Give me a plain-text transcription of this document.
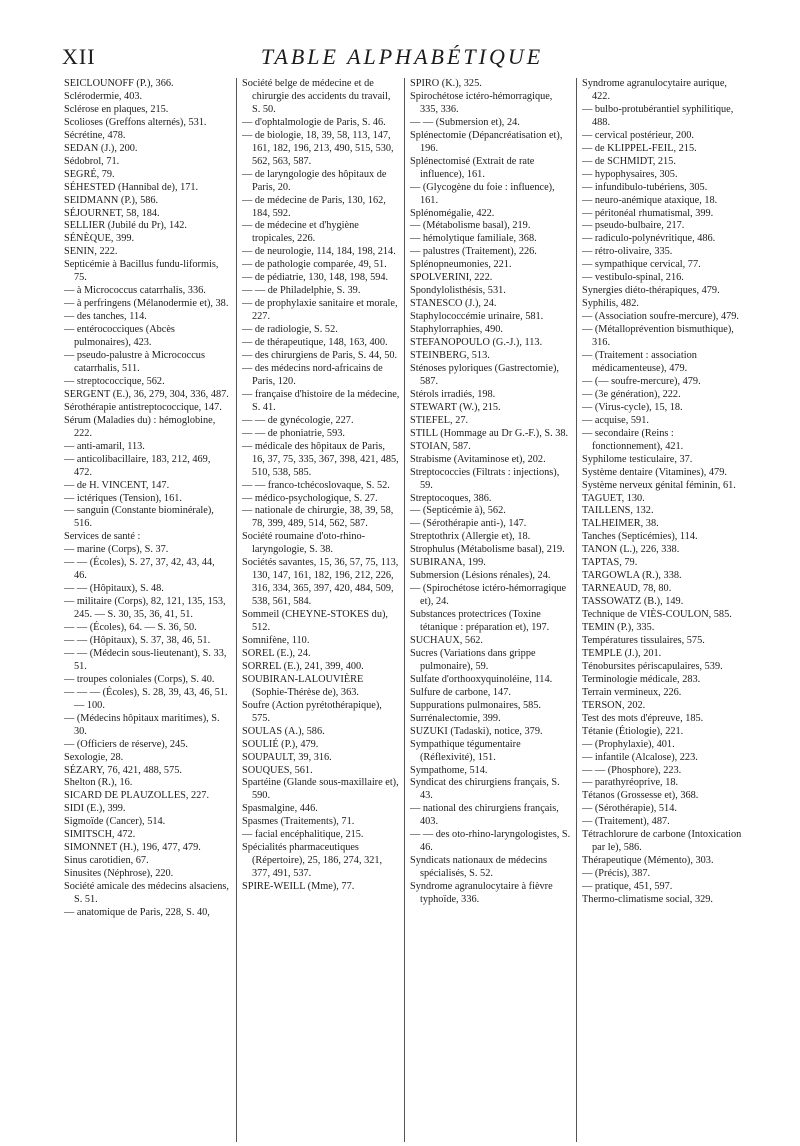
XII	TABLE ALPHABÉTIQUE
SEICLOUNOFF (P.), 366.
Sclérodermie, 403.
Sclérose en plaques, 215.
Scolioses (Greffons alternés), 531.
Sécrétine, 478.
SEDAN (J.), 200.
Sédobrol, 71.
SEGRÉ, 79.
SÉHESTED (Hannibal de), 171.
SEIDMANN (P.), 586.
SÉJOURNET, 58, 184.
SELLIER (Jubilé du Pr), 142.
SÉNÈQUE, 399.
SENIN, 222.
Septicémie à Bacillus fundu-liformis, 75.
— à Micrococcus catarrhalis, 336.
— à perfringens (Mélanodermie et), 38.
— des tanches, 114.
— entérococciques (Abcès pulmonaires), 423.
— pseudo-palustre à Micrococcus catarrhalis, 511.
— streptococcique, 562.
SERGENT (E.), 36, 279, 304, 336, 487.
Sérothérapie antistreptococcique, 147.
Sérum (Maladies du) : hémoglobine, 222.
— anti-amaril, 113.
— anticolibacillaire, 183, 212, 469, 472.
— de H. VINCENT, 147.
— ictériques (Tension), 161.
— sanguin (Constante biominérale), 516.
Services de santé :
— marine (Corps), S. 37.
— — (Écoles), S. 27, 37, 42, 43, 44, 46.
— — (Hôpitaux), S. 48.
— militaire (Corps), 82, 121, 135, 153, 245. — S. 30, 35, 36, 41, 51.
— — (Écoles), 64. — S. 36, 50.
— — (Hôpitaux), S. 37, 38, 46, 51.
— — (Médecin sous-lieutenant), S. 33, 51.
— troupes coloniales (Corps), S. 40.
— — — (Écoles), S. 28, 39, 43, 46, 51. — 100.
— (Médecins hôpitaux maritimes), S. 30.
— (Officiers de réserve), 245.
Sexologie, 28.
SÉZARY, 76, 421, 488, 575.
Shelton (R.), 16.
SICARD DE PLAUZOLLES, 227.
SIDI (E.), 399.
Sigmoïde (Cancer), 514.
SIMITSCH, 472.
SIMONNET (H.), 196, 477, 479.
Sinus carotidien, 67.
Sinusites (Néphrose), 220.
Société amicale des médecins alsaciens, S. 51.
— anatomique de Paris, 228, S. 40,
Société belge de médecine et de chirurgie des accidents du travail, S. 50.
— d'ophtalmologie de Paris, S. 46.
— de biologie, 18, 39, 58, 113, 147, 161, 182, 196, 213, 490, 515, 530, 562, 563, 587.
— de laryngologie des hôpitaux de Paris, 20.
— de médecine de Paris, 130, 162, 184, 592.
— de médecine et d'hygiène tropicales, 226.
— de neurologie, 114, 184, 198, 214.
— de pathologie comparée, 49, 51.
— de pédiatrie, 130, 148, 198, 594.
— — de Philadelphie, S. 39.
— de prophylaxie sanitaire et morale, 227.
— de radiologie, S. 52.
— de thérapeutique, 148, 163, 400.
— des chirurgiens de Paris, S. 44, 50.
— des médecins nord-africains de Paris, 120.
— française d'histoire de la médecine, S. 41.
— — de gynécologie, 227.
— — de phoniatrie, 593.
— médicale des hôpitaux de Paris, 16, 37, 75, 335, 367, 398, 421, 485, 510, 538, 585.
— — franco-tchécoslovaque, S. 52.
— médico-psychologique, S. 27.
— nationale de chirurgie, 38, 39, 58, 78, 399, 489, 514, 562, 587.
Société roumaine d'oto-rhino-laryngologie, S. 38.
Sociétés savantes, 15, 36, 57, 75, 113, 130, 147, 161, 182, 196, 212, 226, 316, 334, 365, 397, 420, 484, 509, 538, 561, 584.
Sommeil (CHEYNE-STOKES du), 512.
Somnifène, 110.
SOREL (E.), 24.
SORREL (E.), 241, 399, 400.
SOUBIRAN-LALOUVIÈRE (Sophie-Thérèse de), 363.
Soufre (Action pyrétothérapique), 575.
SOULAS (A.), 586.
SOULIÉ (P.), 479.
SOUPAULT, 39, 316.
SOUQUES, 561.
Spartéine (Glande sous-maxillaire et), 590.
Spasmalgine, 446.
Spasmes (Traitements), 71.
— facial encéphalitique, 215.
Spécialités pharmaceutiques (Répertoire), 25, 186, 274, 321, 377, 491, 537.
SPIRE-WEILL (Mme), 77.
SPIRO (K.), 325.
Spirochétose ictéro-hémorragique, 335, 336.
— — (Submersion et), 24.
Splénectomie (Dépancréatisation et), 196.
Splénectomisé (Extrait de rate influence), 161.
— (Glycogène du foie : influence), 161.
Splénomégalie, 422.
— (Métabolisme basal), 219.
— hémolytique familiale, 368.
— palustres (Traitement), 226.
Splénopneumonies, 221.
SPOLVERINI, 222.
Spondylolisthésis, 531.
STANESCO (J.), 24.
Staphylococcémie urinaire, 581.
Staphylorraphies, 490.
STEFANOPOULO (G.-J.), 113.
STEINBERG, 513.
Sténoses pyloriques (Gastrectomie), 587.
Stérols irradiés, 198.
STEWART (W.), 215.
STIEFEL, 27.
STILL (Hommage au Dr G.-F.), S. 38.
STOIAN, 587.
Strabisme (Avitaminose et), 202.
Streptococcies (Filtrats : injections), 59.
Streptocoques, 386.
— (Septicémie à), 562.
— (Sérothérapie anti-), 147.
Streptothrix (Allergie et), 18.
Strophulus (Métabolisme basal), 219.
SUBIRANA, 199.
Submersion (Lésions rénales), 24.
— (Spirochétose ictéro-hémorragique et), 24.
Substances protectrices (Toxine tétanique : préparation et), 197.
SUCHAUX, 562.
Sucres (Variations dans grippe pulmonaire), 59.
Sulfate d'orthooxyquinoléine, 114.
Sulfure de carbone, 147.
Suppurations pulmonaires, 585.
Surrénalectomie, 399.
SUZUKI (Tadaski), notice, 379.
Sympathique tégumentaire (Réflexivité), 151.
Sympathome, 514.
Syndicat des chirurgiens français, S. 43.
— national des chirurgiens français, 403.
— — des oto-rhino-laryngologistes, S. 46.
Syndicats nationaux de médecins spécialisés, S. 52.
Syndrome agranulocytaire à fièvre typhoïde, 336.
Syndrome agranulocytaire aurique, 422.
— bulbo-protubérantiel syphilitique, 488.
— cervical postérieur, 200.
— de KLIPPEL-FEIL, 215.
— de SCHMIDT, 215.
— hypophysaires, 305.
— infundibulo-tubériens, 305.
— neuro-anémique ataxique, 18.
— péritonéal rhumatismal, 399.
— pseudo-bulbaire, 217.
— radiculo-polynévritique, 486.
— rétro-olivaire, 335.
— sympathique cervical, 77.
— vestibulo-spinal, 216.
Synergies diéto-thérapiques, 479.
Syphilis, 482.
— (Association soufre-mercure), 479.
— (Métalloprévention bismuthique), 316.
— (Traitement : association médicamenteuse), 479.
— (— soufre-mercure), 479.
— (3e génération), 222.
— (Virus-cycle), 15, 18.
— acquise, 591.
— secondaire (Reins : fonctionnement), 421.
Syphilome testiculaire, 37.
Système dentaire (Vitamines), 479.
Système nerveux génital féminin, 61.
TAGUET, 130.
TAILLENS, 132.
TALHEIMER, 38.
Tanches (Septicémies), 114.
TANON (L.), 226, 338.
TAPTAS, 79.
TARGOWLA (R.), 338.
TARNEAUD, 78, 80.
TASSOWATZ (B.), 149.
Technique de VIÈS-COULON, 585.
TEMIN (P.), 335.
Températures tissulaires, 575.
TEMPLE (J.), 201.
Ténobursites périscapulaires, 539.
Terminologie médicale, 283.
Terrain vermineux, 226.
TERSON, 202.
Test des mots d'épreuve, 185.
Tétanie (Étiologie), 221.
— (Prophylaxie), 401.
— infantile (Alcalose), 223.
— — (Phosphore), 223.
— parathyréoprive, 18.
Tétanos (Grossesse et), 368.
— (Sérothérapie), 514.
— (Traitement), 487.
Tétrachlorure de carbone (Intoxication par le), 586.
Thérapeutique (Mémento), 303.
— (Précis), 387.
— pratique, 451, 597.
Thermo-climatisme social, 329.
